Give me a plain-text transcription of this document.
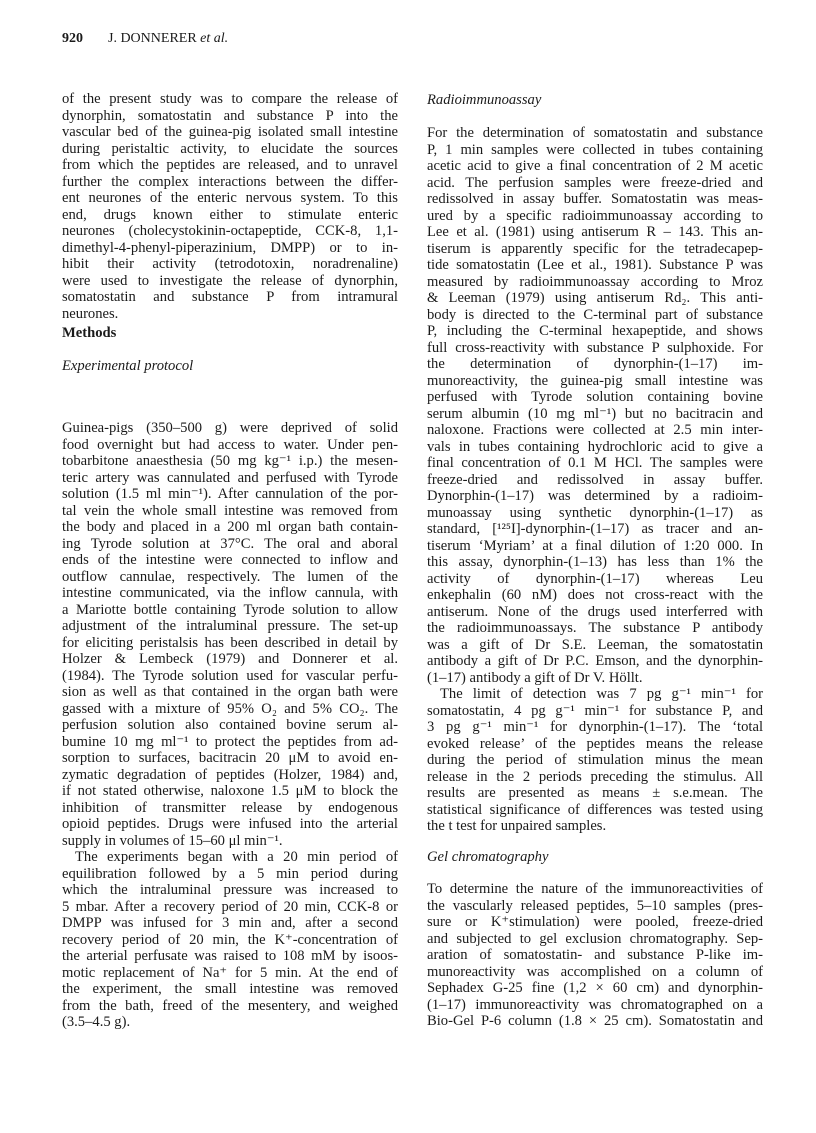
920 J. DONNERER et al.
of the present study was to compare the release of
dynorphin, somatostatin and substance P into the
vascular bed of the guinea-pig isolated small intestine
during peristaltic activity, to elucidate the sources
from which the peptides are released, and to unravel
further the complex interactions between the differ-
ent neurones of the enteric nervous system. To this
end, drugs known either to stimulate enteric
neurones (cholecystokinin-octapeptide, CCK-8, 1,1-
dimethyl-4-phenyl-piperazinium, DMPP) or to in-
hibit their activity (tetrodotoxin, noradrenaline)
were used to investigate the release of dynorphin,
somatostatin and substance P from intramural
neurones.
Methods
Experimental protocol
Guinea-pigs (350–500 g) were deprived of solid
food overnight but had access to water. Under pen-
tobarbitone anaesthesia (50 mg kg⁻¹ i.p.) the mesen-
teric artery was cannulated and perfused with Tyrode
solution (1.5 ml min⁻¹). After cannulation of the por-
tal vein the whole small intestine was removed from
the body and placed in a 200 ml organ bath contain-
ing Tyrode solution at 37°C. The oral and aboral
ends of the intestine were connected to inflow and
outflow cannulae, respectively. The lumen of the
intestine communicated, via the inflow cannula, with
a Mariotte bottle containing Tyrode solution to allow
adjustment of the intraluminal pressure. The set-up
for eliciting peristalsis has been described in detail by
Holzer & Lembeck (1979) and Donnerer et al.
(1984). The Tyrode solution used for vascular perfu-
sion as well as that contained in the organ bath were
gassed with a mixture of 95% O₂ and 5% CO₂. The
perfusion solution also contained bovine serum al-
bumine 10 mg ml⁻¹ to protect the peptides from ad-
sorption to surfaces, bacitracin 20 μM to avoid en-
zymatic degradation of peptides (Holzer, 1984) and,
if not stated otherwise, naloxone 1.5 μM to block the
inhibition of transmitter release by endogenous
opioid peptides. Drugs were infused into the arterial
supply in volumes of 15–60 μl min⁻¹.
The experiments began with a 20 min period of
equilibration followed by a 5 min period during
which the intraluminal pressure was increased to
5 mbar. After a recovery period of 20 min, CCK-8 or
DMPP was infused for 3 min and, after a second
recovery period of 20 min, the K⁺-concentration of
the arterial perfusate was raised to 108 mM by isoos-
motic replacement of Na⁺ for 5 min. At the end of
the experiment, the small intestine was removed
from the bath, freed of the mesentery, and weighed
(3.5–4.5 g).
Radioimmunoassay
For the determination of somatostatin and substance
P, 1 min samples were collected in tubes containing
acetic acid to give a final concentration of 2 M acetic
acid. The perfusion samples were freeze-dried and
redissolved in assay buffer. Somatostatin was meas-
ured by a specific radioimmunoassay according to
Lee et al. (1981) using antiserum R – 143. This an-
tiserum is apparently specific for the tetradecapep-
tide somatostatin (Lee et al., 1981). Substance P was
measured by radioimmunoassay according to Mroz
& Leeman (1979) using antiserum Rd₂. This anti-
body is directed to the C-terminal part of substance
P, including the C-terminal hexapeptide, and shows
full cross-reactivity with substance P sulphoxide. For
the determination of dynorphin-(1–17) im-
munoreactivity, the guinea-pig small intestine was
perfused with Tyrode solution containing bovine
serum albumin (10 mg ml⁻¹) but no bacitracin and
naloxone. Fractions were collected at 2.5 min inter-
vals in tubes containing hydrochloric acid to give a
final concentration of 0.1 M HCl. The samples were
freeze-dried and redissolved in assay buffer.
Dynorphin-(1–17) was determined by a radioim-
munoassay using synthetic dynorphin-(1–17) as
standard, [¹²⁵I]-dynorphin-(1–17) as tracer and an-
tiserum ‘Myriam’ at a final dilution of 1:20 000. In
this assay, dynorphin-(1–13) has less than 1% the
activity of dynorphin-(1–17) whereas Leu
enkephalin (60 nM) does not cross-react with the
antiserum. None of the drugs used interferred with
the radioimmunoassays. The substance P antibody
was a gift of Dr S.E. Leeman, the somatostatin
antibody a gift of Dr P.C. Emson, and the dynorphin-
(1–17) antibody a gift of Dr V. Höllt.
The limit of detection was 7 pg g⁻¹ min⁻¹ for
somatostatin, 4 pg g⁻¹ min⁻¹ for substance P, and
3 pg g⁻¹ min⁻¹ for dynorphin-(1–17). The ‘total
evoked release’ of the peptides means the release
during the period of stimulation minus the mean
release in the 2 periods preceding the stimulus. All
results are presented as means ± s.e.mean. The
statistical significance of differences was tested using
the t test for unpaired samples.
Gel chromatography
To determine the nature of the immunoreactivities of
the vascularly released peptides, 5–10 samples (pres-
sure or K⁺stimulation) were pooled, freeze-dried
and subjected to gel exclusion chromatography. Sep-
aration of somatostatin- and substance P-like im-
munoreactivity was accomplished on a column of
Sephadex G-25 fine (1,2 × 60 cm) and dynorphin-
(1–17) immunoreactivity was chromatographed on a
Bio-Gel P-6 column (1.8 × 25 cm). Somatostatin and
